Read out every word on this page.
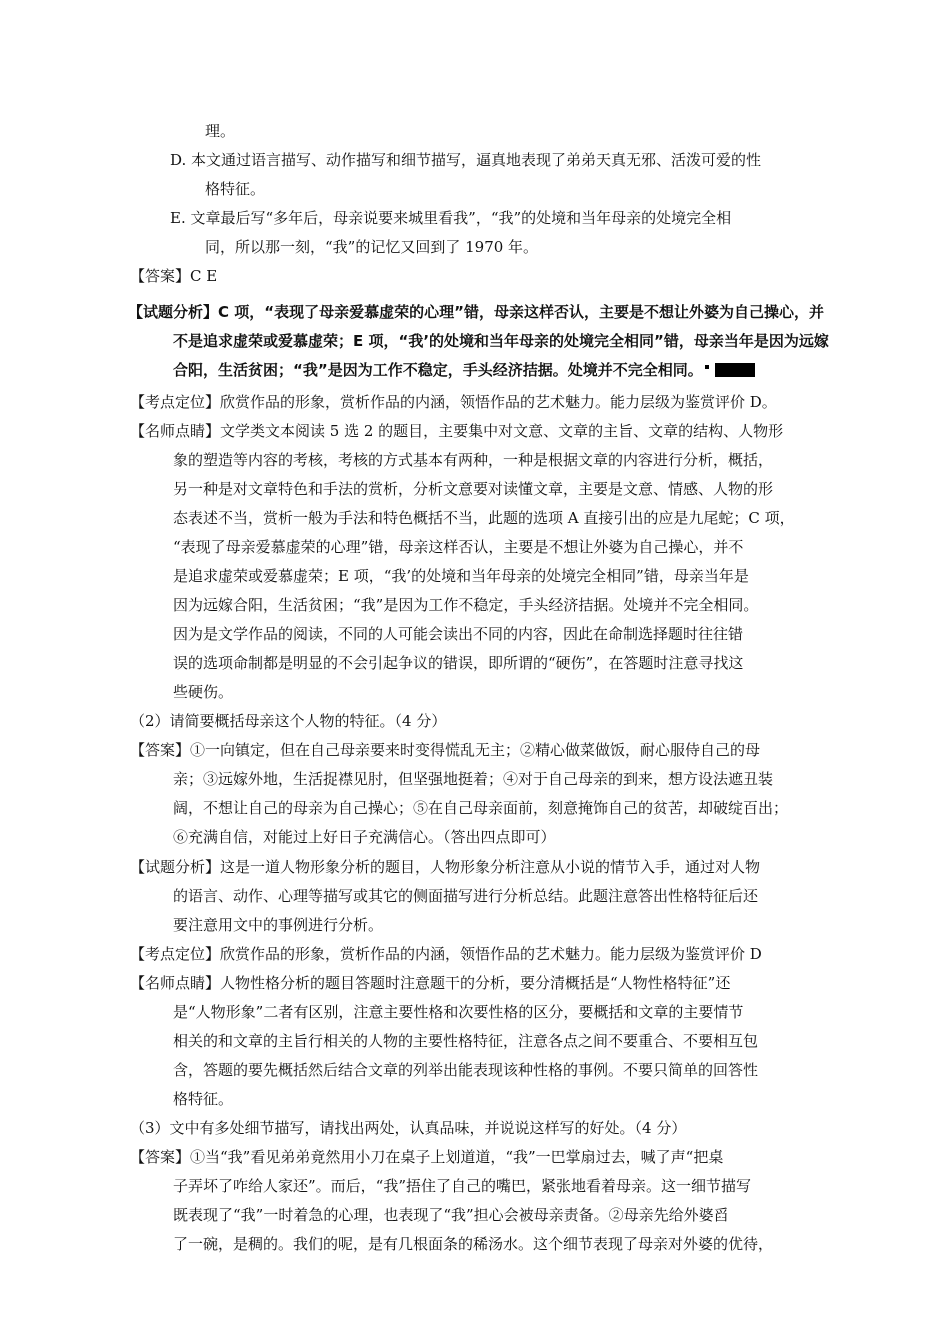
理。
D. 本文通过语言描写、动作描写和细节描写，逼真地表现了弟弟天真无邪、活泼可爱的性
格特征。
E. 文章最后写“多年后，母亲说要来城里看我”，“我”的处境和当年母亲的处境完全相
同，所以那一刻，“我”的记忆又回到了 1970 年。
【答案】C E
【试题分析】C 项，“表现了母亲爱慕虚荣的心理”错，母亲这样否认，主要是不想让外婆为自己操心，并
不是追求虚荣或爱慕虚荣；E 项，“我’的处境和当年母亲的处境完全相同”错，母亲当年是因为远嫁
合阳，生活贫困；“我”是因为工作不稳定，手头经济拮据。处境并不完全相同。
【考点定位】欣赏作品的形象，赏析作品的内涵，领悟作品的艺术魅力。能力层级为鉴赏评价 D。
【名师点睛】文学类文本阅读 5 选 2 的题目，主要集中对文意、文章的主旨、文章的结构、人物形
象的塑造等内容的考核，考核的方式基本有两种，一种是根据文章的内容进行分析，概括，
另一种是对文章特色和手法的赏析，分析文意要对读懂文章，主要是文意、情感、人物的形
态表述不当，赏析一般为手法和特色概括不当，此题的选项 A 直接引出的应是九尾蛇；C 项，
“表现了母亲爱慕虚荣的心理”错，母亲这样否认，主要是不想让外婆为自己操心，并不
是追求虚荣或爱慕虚荣；E 项，“我’的处境和当年母亲的处境完全相同”错，母亲当年是
因为远嫁合阳，生活贫困；“我”是因为工作不稳定，手头经济拮据。处境并不完全相同。
因为是文学作品的阅读，不同的人可能会读出不同的内容，因此在命制选择题时往往错
误的选项命制都是明显的不会引起争议的错误，即所谓的“硬伤”，在答题时注意寻找这
些硬伤。
（2）请简要概括母亲这个人物的特征。（4 分）
【答案】①一向镇定，但在自己母亲要来时变得慌乱无主；②精心做菜做饭，耐心服侍自己的母
亲；③远嫁外地，生活捉襟见肘，但坚强地挺着；④对于自己母亲的到来，想方设法遮丑装
阔，不想让自己的母亲为自己操心；⑤在自己母亲面前，刻意掩饰自己的贫苦，却破绽百出；
⑥充满自信，对能过上好日子充满信心。（答出四点即可）
【试题分析】这是一道人物形象分析的题目，人物形象分析注意从小说的情节入手，通过对人物
的语言、动作、心理等描写或其它的侧面描写进行分析总结。此题注意答出性格特征后还
要注意用文中的事例进行分析。
【考点定位】欣赏作品的形象，赏析作品的内涵，领悟作品的艺术魅力。能力层级为鉴赏评价 D
【名师点睛】人物性格分析的题目答题时注意题干的分析，要分清概括是“人物性格特征”还
是“人物形象”二者有区别，注意主要性格和次要性格的区分，要概括和文章的主要情节
相关的和文章的主旨行相关的人物的主要性格特征，注意各点之间不要重合、不要相互包
含，答题的要先概括然后结合文章的列举出能表现该种性格的事例。不要只简单的回答性
格特征。
（3）文中有多处细节描写，请找出两处，认真品味，并说说这样写的好处。（4 分）
【答案】①当“我”看见弟弟竟然用小刀在桌子上划道道，“我”一巴掌扇过去，喊了声“把桌
子弄坏了咋给人家还”。而后，“我”捂住了自己的嘴巴，紧张地看着母亲。这一细节描写
既表现了“我”一时着急的心理，也表现了“我”担心会被母亲责备。②母亲先给外婆舀
了一碗，是稠的。我们的呢，是有几根面条的稀汤水。这个细节表现了母亲对外婆的优待，
